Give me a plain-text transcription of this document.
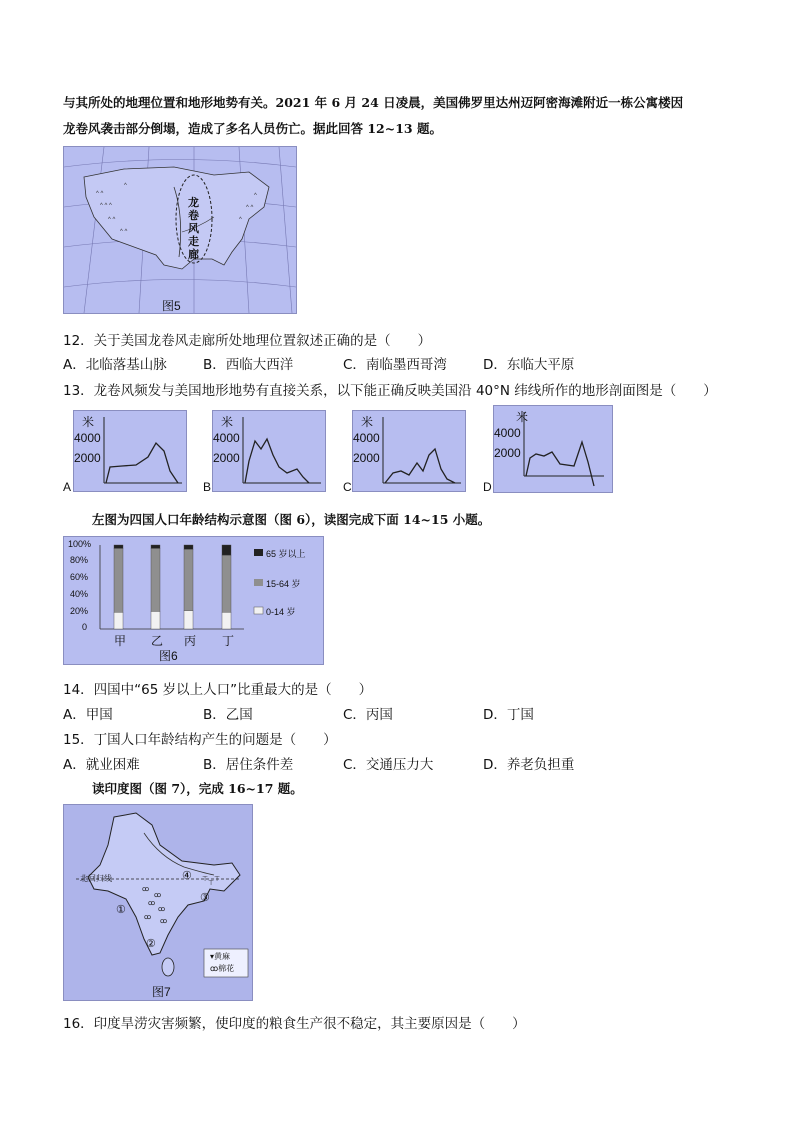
与其所处的地理位置和地形地势有关。2021 年 6 月 24 日凌晨，美国佛罗里达州迈阿密海滩附近一栋公寓楼因
龙卷风袭击部分倒塌，造成了多名人员伤亡。据此回答 12~13 题。
^ ^
^ ^ ^
^ ^
^ ^
^
^
^ ^
^
龙卷风走廊
图5
12．关于美国龙卷风走廊所处地理位置叙述正确的是（　　）
A．北临落基山脉	B．西临大西洋	C．南临墨西哥湾	D．东临大平原
13．龙卷风频发与美国地形地势有直接关系，以下能正确反映美国沿 40°N 纬线所作的地形剖面图是（　　）
米
4000
2000
A
米
4000
2000
B
米
4000
2000
C
米
4000
2000
D
左图为四国人口年龄结构示意图（图 6），读图完成下面 14~15 小题。
100%
80%
60%
40%
20%
0
甲 乙 丙 丁
65 岁以上
15-64 岁
0-14 岁
图6
14．四国中“65 岁以上人口”比重最大的是（　　）
A．甲国	B．乙国	C．丙国	D．丁国
15．丁国人口年龄结构产生的问题是（　　）
A．就业困难	B．居住条件差	C．交通压力大	D．养老负担重
读印度图（图 7），完成 16~17 题。
ꝏ
ꝏ
ꝏ
ꝏ
ꝏ
ꝏ
⊤
⊤
⊤
北回归线
①
②
③
④
▾黄麻
ꝏ棉花
图7
16．印度旱涝灾害频繁，使印度的粮食生产很不稳定，其主要原因是（　　）
